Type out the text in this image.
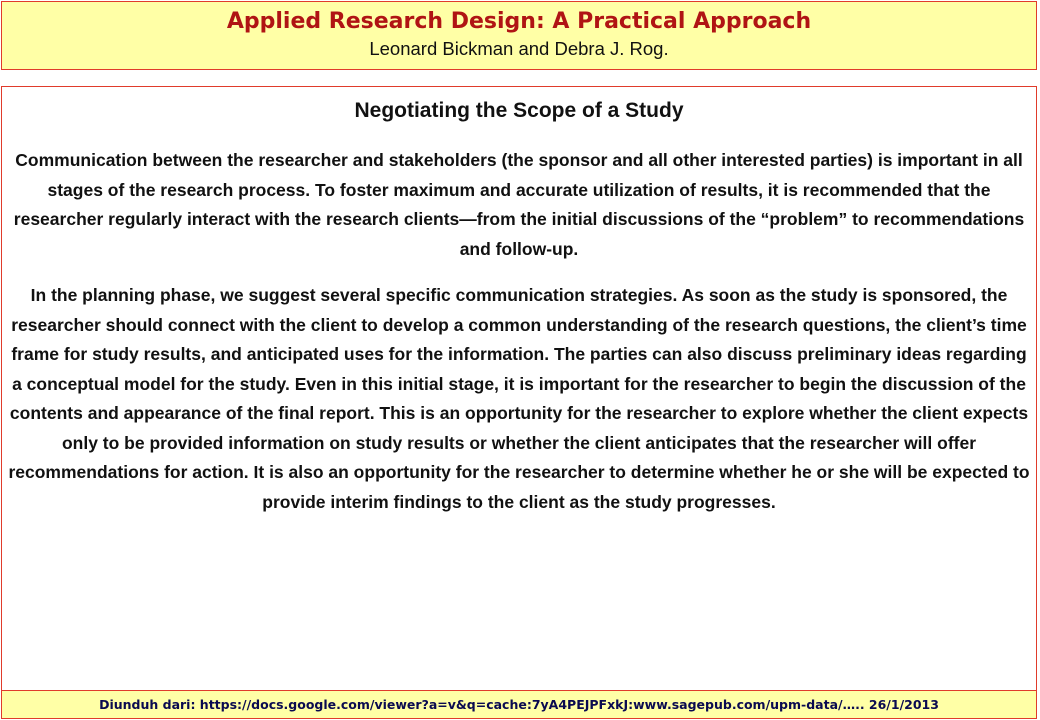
Applied Research Design: A Practical Approach
Leonard Bickman and Debra J. Rog.
Negotiating the Scope of a Study

Communication between the researcher and stakeholders (the sponsor and all other interested parties) is important in all stages of the research process. To foster maximum and accurate utilization of results, it is recommended that the researcher regularly interact with the research clients—from the initial discussions of the “problem” to recommendations and follow-up.

In the planning phase, we suggest several specific communication strategies. As soon as the study is sponsored, the researcher should connect with the client to develop a common understanding of the research questions, the client’s time frame for study results, and anticipated uses for the information. The parties can also discuss preliminary ideas regarding a conceptual model for the study. Even in this initial stage, it is important for the researcher to begin the discussion of the contents and appearance of the final report. This is an opportunity for the researcher to explore whether the client expects only to be provided information on study results or whether the client anticipates that the researcher will offer recommendations for action. It is also an opportunity for the researcher to determine whether he or she will be expected to provide interim findings to the client as the study progresses.

Diunduh dari: https://docs.google.com/viewer?a=v&q=cache:7yA4PEJPFxkJ:www.sagepub.com/upm-data/….. 26/1/2013
